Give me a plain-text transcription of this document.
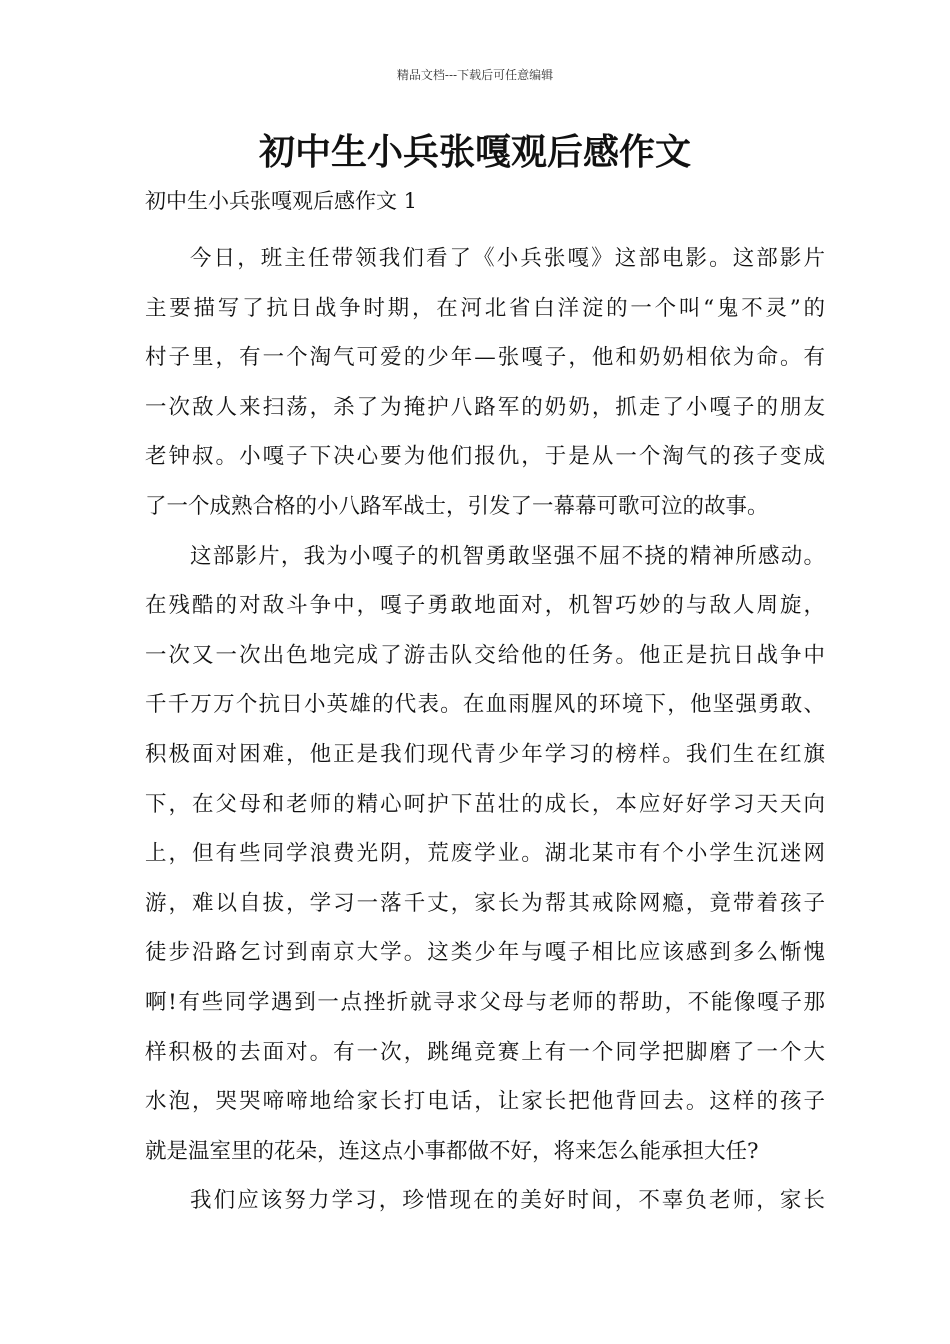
精品文档---下载后可任意编辑
初中生小兵张嘎观后感作文
初中生小兵张嘎观后感作文 1
今日，班主任带领我们看了《小兵张嘎》这部电影。这部影片
主要描写了抗日战争时期，在河北省白洋淀的一个叫“鬼不灵”的
村子里，有一个淘气可爱的少年—张嘎子，他和奶奶相依为命。有
一次敌人来扫荡，杀了为掩护八路军的奶奶，抓走了小嘎子的朋友
老钟叔。小嘎子下决心要为他们报仇，于是从一个淘气的孩子变成
了一个成熟合格的小八路军战士，引发了一幕幕可歌可泣的故事。
这部影片，我为小嘎子的机智勇敢坚强不屈不挠的精神所感动。
在残酷的对敌斗争中，嘎子勇敢地面对，机智巧妙的与敌人周旋，
一次又一次出色地完成了游击队交给他的任务。他正是抗日战争中
千千万万个抗日小英雄的代表。在血雨腥风的环境下，他坚强勇敢、
积极面对困难，他正是我们现代青少年学习的榜样。我们生在红旗
下，在父母和老师的精心呵护下茁壮的成长，本应好好学习天天向
上，但有些同学浪费光阴，荒废学业。湖北某市有个小学生沉迷网
游，难以自拔，学习一落千丈，家长为帮其戒除网瘾，竟带着孩子
徒步沿路乞讨到南京大学。这类少年与嘎子相比应该感到多么惭愧
啊!有些同学遇到一点挫折就寻求父母与老师的帮助，不能像嘎子那
样积极的去面对。有一次，跳绳竞赛上有一个同学把脚磨了一个大
水泡，哭哭啼啼地给家长打电话，让家长把他背回去。这样的孩子
就是温室里的花朵，连这点小事都做不好，将来怎么能承担大任?
我们应该努力学习，珍惜现在的美好时间，不辜负老师，家长
